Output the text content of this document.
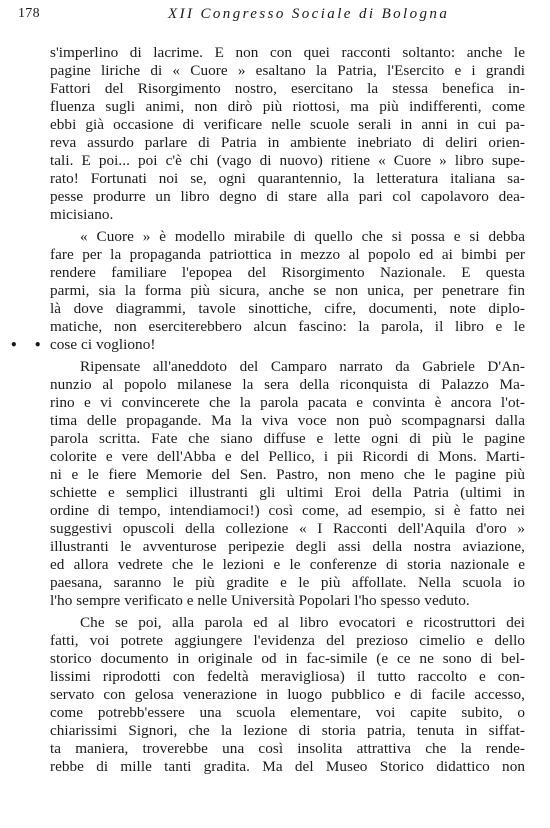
178	XII Congresso Sociale di Bologna
• •
s'imperlino di lacrime. E non con quei racconti soltanto: anche le
pagine liriche di « Cuore » esaltano la Patria, l'Esercito e i grandi
Fattori del Risorgimento nostro, esercitano la stessa benefica in-
fluenza sugli animi, non dirò più riottosi, ma più indifferenti, come
ebbi già occasione di verificare nelle scuole serali in anni in cui pa-
reva assurdo parlare di Patria in ambiente inebriato di deliri orien-
tali. E poi... poi c'è chi (vago di nuovo) ritiene « Cuore » libro supe-
rato! Fortunati noi se, ogni quarantennio, la letteratura italiana sa-
pesse produrre un libro degno di stare alla pari col capolavoro dea-
micisiano.
« Cuore » è modello mirabile di quello che si possa e si debba
fare per la propaganda patriottica in mezzo al popolo ed ai bimbi per
rendere familiare l'epopea del Risorgimento Nazionale. E questa
parmi, sia la forma più sicura, anche se non unica, per penetrare fin
là dove diagrammi, tavole sinottiche, cifre, documenti, note diplo-
matiche, non eserciterebbero alcun fascino: la parola, il libro e le
cose ci vogliono!
Ripensate all'aneddoto del Camparo narrato da Gabriele D'An-
nunzio al popolo milanese la sera della riconquista di Palazzo Ma-
rino e vi convincerete che la parola pacata e convinta è ancora l'ot-
tima delle propagande. Ma la viva voce non può scompagnarsi dalla
parola scritta. Fate che siano diffuse e lette ogni di più le pagine
colorite e vere dell'Abba e del Pellico, i pii Ricordi di Mons. Marti-
ni e le fiere Memorie del Sen. Pastro, non meno che le pagine più
schiette e semplici illustranti gli ultimi Eroi della Patria (ultimi in
ordine di tempo, intendiamoci!) così come, ad esempio, si è fatto nei
suggestivi opuscoli della collezione « I Racconti dell'Aquila d'oro »
illustranti le avventurose peripezie degli assi della nostra aviazione,
ed allora vedrete che le lezioni e le conferenze di storia nazionale e
paesana, saranno le più gradite e le più affollate. Nella scuola io
l'ho sempre verificato e nelle Università Popolari l'ho spesso veduto.
Che se poi, alla parola ed al libro evocatori e ricostruttori dei
fatti, voi potrete aggiungere l'evidenza del prezioso cimelio e dello
storico documento in originale od in fac-simile (e ce ne sono di bel-
lissimi riprodotti con fedeltà meravigliosa) il tutto raccolto e con-
servato con gelosa venerazione in luogo pubblico e di facile accesso,
come potrebb'essere una scuola elementare, voi capite subito, o
chiarissimi Signori, che la lezione di storia patria, tenuta in siffat-
ta maniera, troverebbe una così insolita attrattiva che la rende-
rebbe di mille tanti gradita. Ma del Museo Storico didattico non
